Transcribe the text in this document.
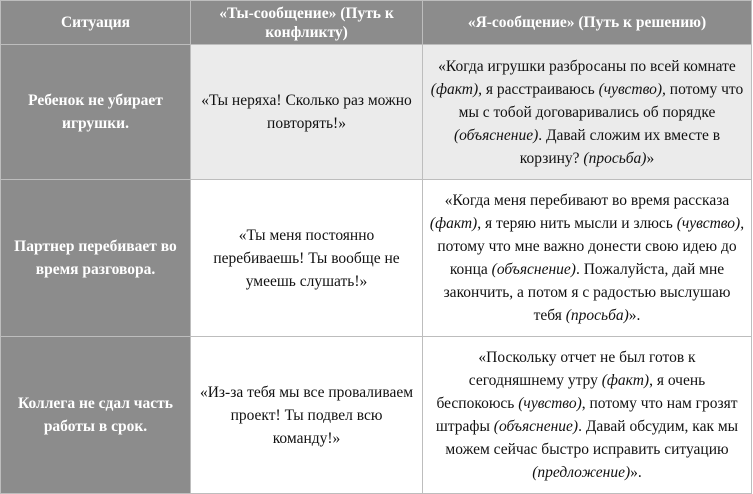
Ситуация	«Ты-сообщение» (Путь к конфликту)	«Я-сообщение» (Путь к решению)
Ребенок не убирает игрушки.	«Ты неряха! Сколько раз можно повторять!»	«Когда игрушки разбросаны по всей комнате (факт), я расстраиваюсь (чувство), потому что мы с тобой договаривались об порядке (объяснение). Давай сложим их вместе в корзину? (просьба)»
Партнер перебивает во время разговора.	«Ты меня постоянно перебиваешь! Ты вообще не умеешь слушать!»	«Когда меня перебивают во время рассказа (факт), я теряю нить мысли и злюсь (чувство), потому что мне важно донести свою идею до конца (объяснение). Пожалуйста, дай мне закончить, а потом я с радостью выслушаю тебя (просьба)».
Коллега не сдал часть работы в срок.	«Из-за тебя мы все проваливаем проект! Ты подвел всю команду!»	«Поскольку отчет не был готов к сегодняшнему утру (факт), я очень беспокоюсь (чувство), потому что нам грозят штрафы (объяснение). Давай обсудим, как мы можем сейчас быстро исправить ситуацию (предложение)».
